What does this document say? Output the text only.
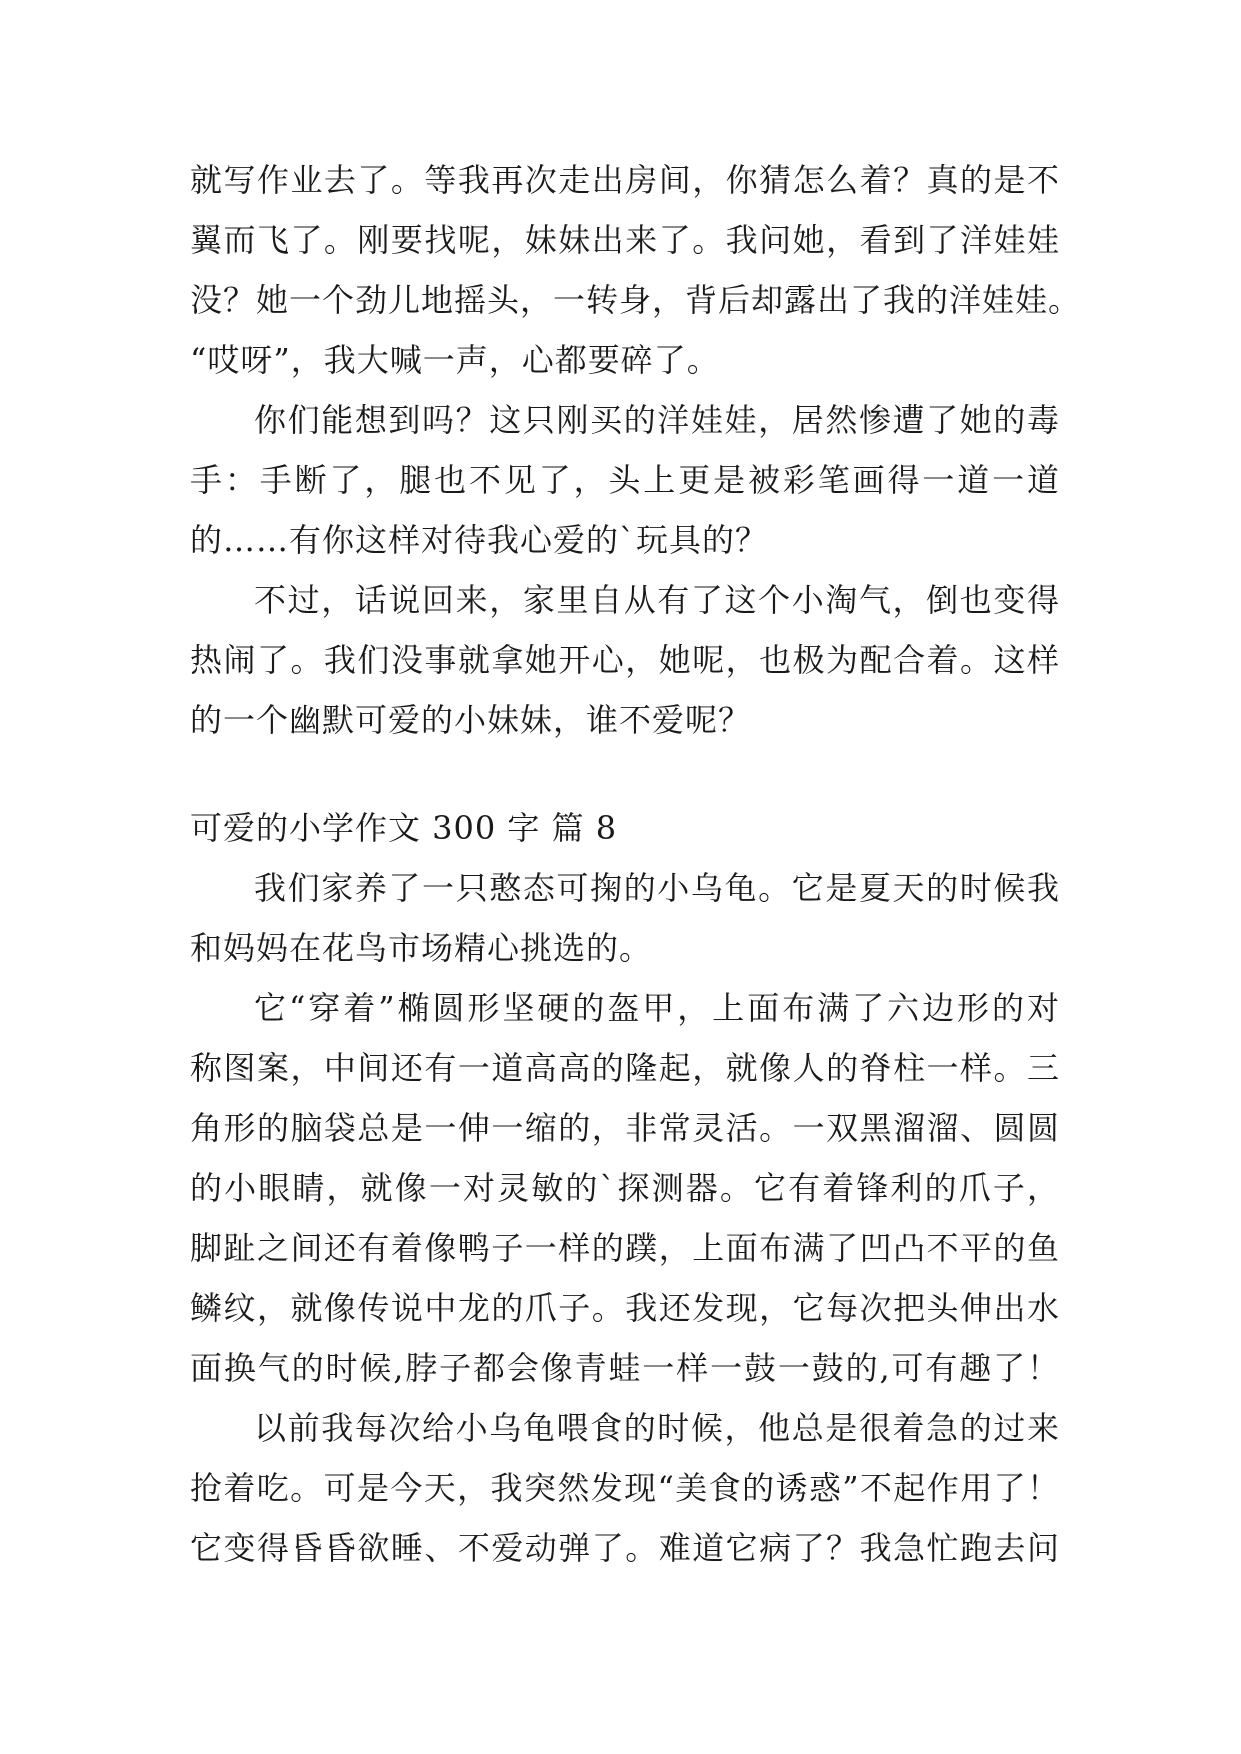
就写作业去了。等我再次走出房间，你猜怎么着？真的是不
翼而飞了。刚要找呢，妹妹出来了。我问她，看到了洋娃娃
没？她一个劲儿地摇头，一转身，背后却露出了我的洋娃娃。
“哎呀”，我大喊一声，心都要碎了。
你们能想到吗？这只刚买的洋娃娃，居然惨遭了她的毒
手：手断了，腿也不见了，头上更是被彩笔画得一道一道
的……有你这样对待我心爱的`玩具的？
不过，话说回来，家里自从有了这个小淘气，倒也变得
热闹了。我们没事就拿她开心，她呢，也极为配合着。这样
的一个幽默可爱的小妹妹，谁不爱呢？
可爱的小学作文 300 字 篇 8
我们家养了一只憨态可掬的小乌龟。它是夏天的时候我
和妈妈在花鸟市场精心挑选的。
它“穿着”椭圆形坚硬的盔甲，上面布满了六边形的对
称图案，中间还有一道高高的隆起，就像人的脊柱一样。三
角形的脑袋总是一伸一缩的，非常灵活。一双黑溜溜、圆圆
的小眼睛，就像一对灵敏的`探测器。它有着锋利的爪子，
脚趾之间还有着像鸭子一样的蹼，上面布满了凹凸不平的鱼
鳞纹，就像传说中龙的爪子。我还发现，它每次把头伸出水
面换气的时候,脖子都会像青蛙一样一鼓一鼓的,可有趣了！
以前我每次给小乌龟喂食的时候，他总是很着急的过来
抢着吃。可是今天，我突然发现“美食的诱惑”不起作用了！
它变得昏昏欲睡、不爱动弹了。难道它病了？我急忙跑去问
